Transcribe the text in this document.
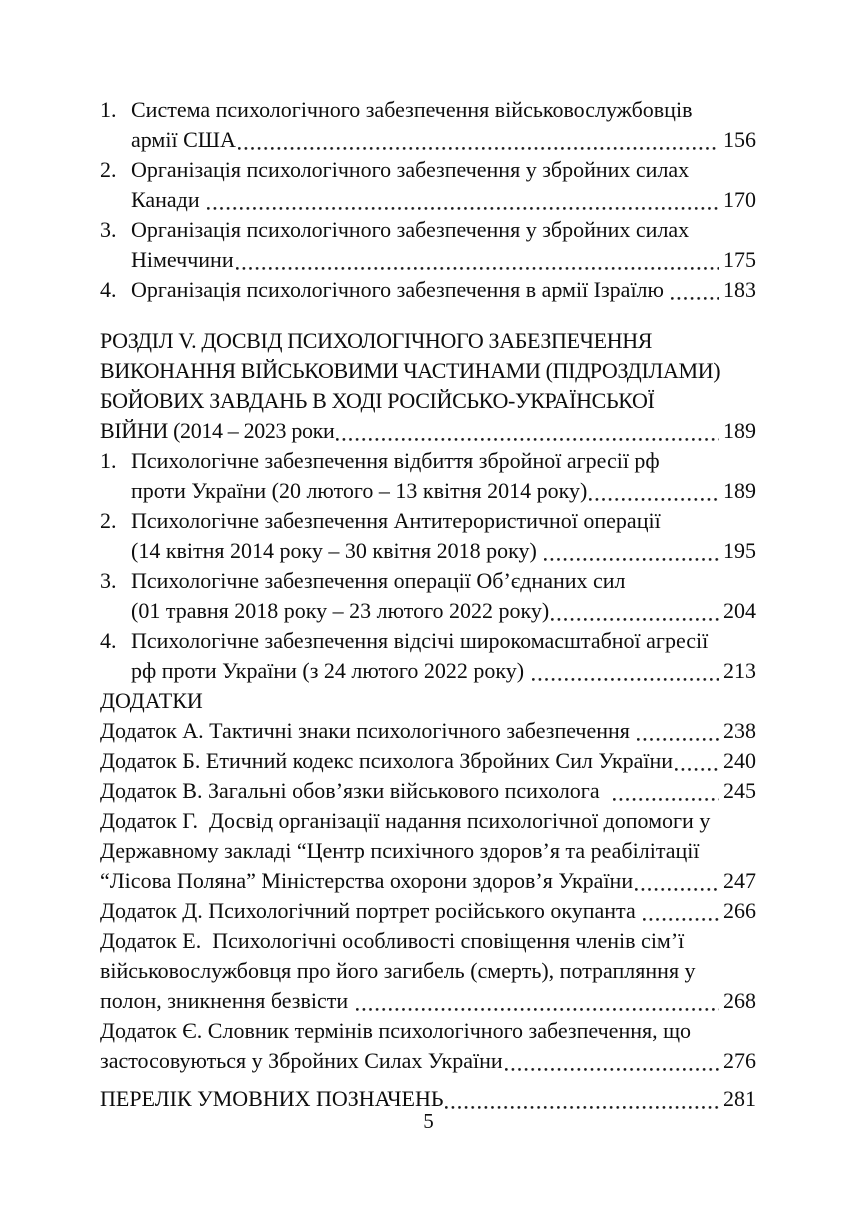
1. Система психологічного забезпечення військовослужбовців
армії США	156
2. Організація психологічного забезпечення у збройних силах
Канади	170
3. Організація психологічного забезпечення у збройних силах
Німеччини	175
4. Організація психологічного забезпечення в армії Ізраїлю 183
РОЗДІЛ V. ДОСВІД ПСИХОЛОГІЧНОГО ЗАБЕЗПЕЧЕННЯ
ВИКОНАННЯ ВІЙСЬКОВИМИ ЧАСТИНАМИ (ПІДРОЗДІЛАМИ)
БОЙОВИХ ЗАВДАНЬ В ХОДІ РОСІЙСЬКО-УКРАЇНСЬКОЇ
ВІЙНИ (2014 – 2023 роки	189
1. Психологічне забезпечення відбиття збройної агресії рф
проти України (20 лютого – 13 квітня 2014 року)	189
2. Психологічне забезпечення Антитерористичної операції
(14 квітня 2014 року – 30 квітня 2018 року)	195
3. Психологічне забезпечення операції Об’єднаних сил
(01 травня 2018 року – 23 лютого 2022 року)	204
4. Психологічне забезпечення відсічі широкомасштабної агресії
рф проти України (з 24 лютого 2022 року)	213
ДОДАТКИ
Додаток А. Тактичні знаки психологічного забезпечення	238
Додаток Б. Етичний кодекс психолога Збройних Сил України 240
Додаток В. Загальні обов’язки військового психолога	245
Додаток Г.  Досвід організації надання психологічної допомоги у
Державному закладі “Центр психічного здоров’я та реабілітації
“Лісова Поляна” Міністерства охорони здоров’я України	247
Додаток Д. Психологічний портрет російського окупанта	266
Додаток Е.  Психологічні особливості сповіщення членів сім’ї
військовослужбовця про його загибель (смерть), потрапляння у
полон, зникнення безвісти	268
Додаток Є. Словник термінів психологічного забезпечення, що
застосовуються у Збройних Силах України	276
ПЕРЕЛІК УМОВНИХ ПОЗНАЧЕНЬ	281
5
